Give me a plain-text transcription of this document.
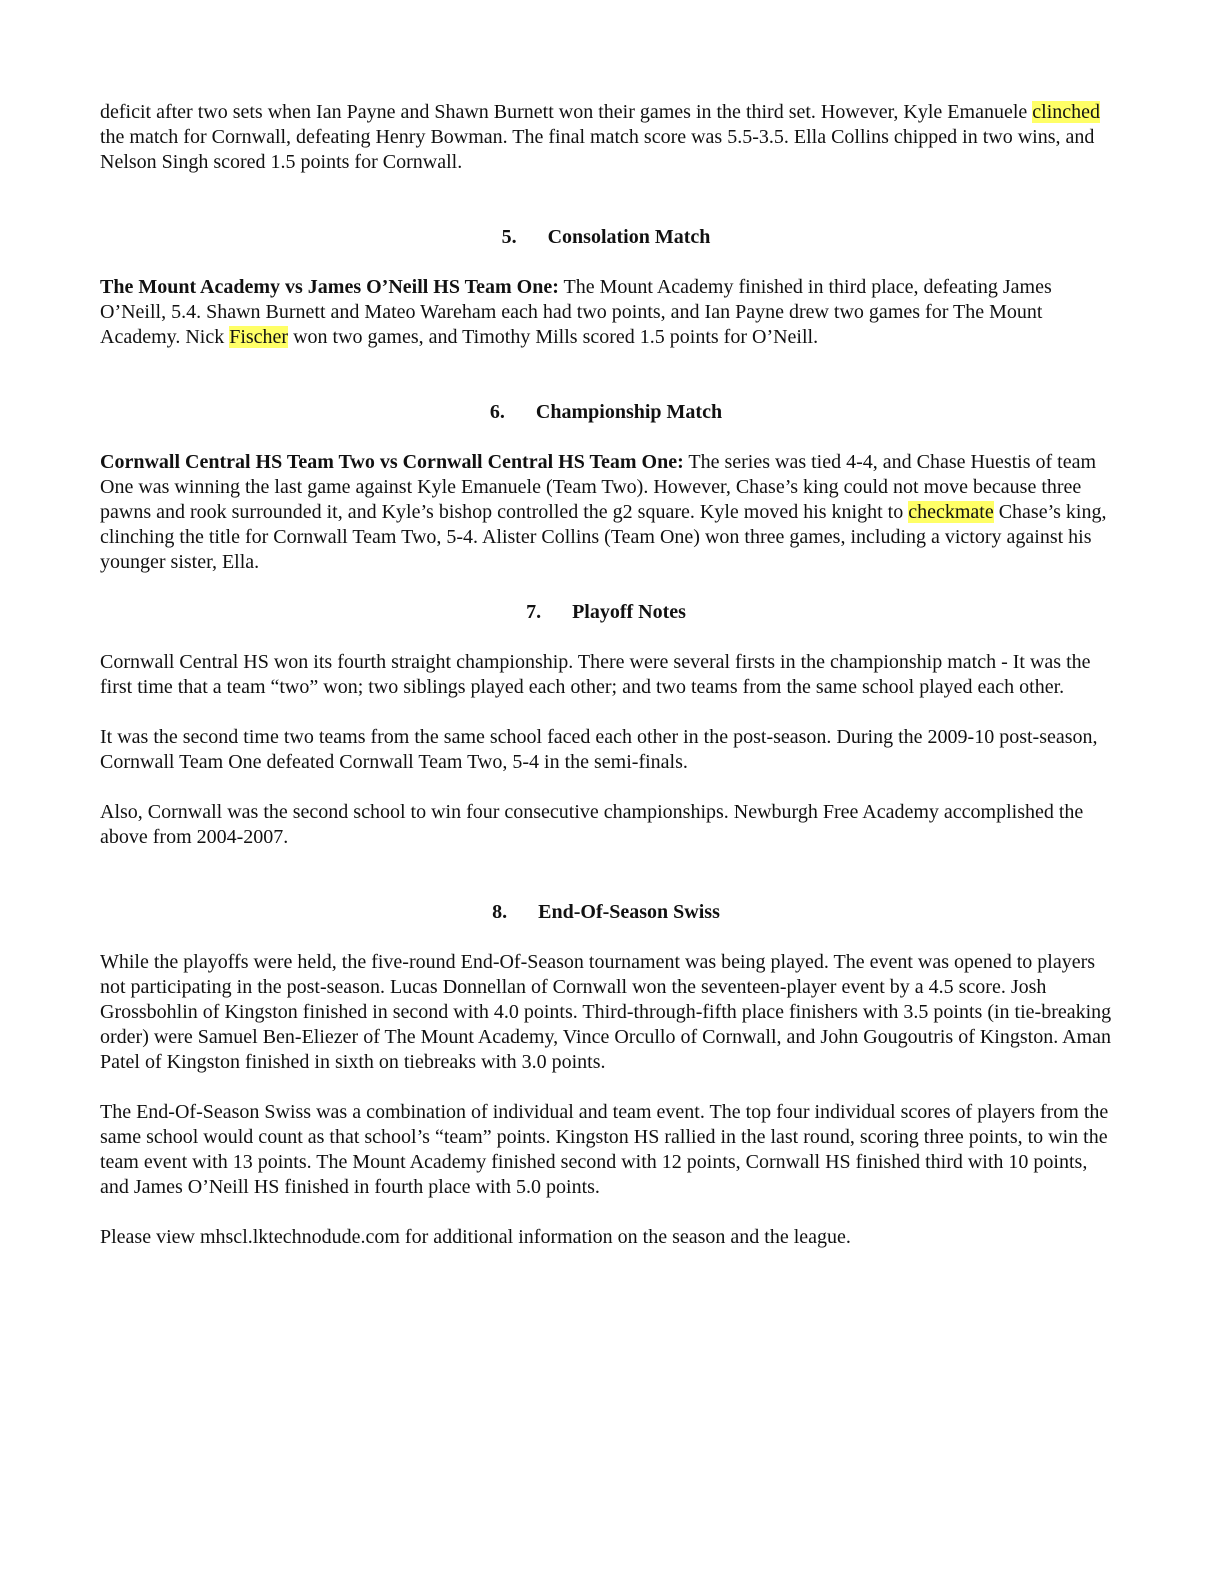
deficit after two sets when Ian Payne and Shawn Burnett won their games in the third set. However, Kyle Emanuele clinched the match for Cornwall, defeating Henry Bowman. The final match score was 5.5-3.5. Ella Collins chipped in two wins, and Nelson Singh scored 1.5 points for Cornwall.

5. Consolation Match

The Mount Academy vs James O’Neill HS Team One: The Mount Academy finished in third place, defeating James O’Neill, 5.4. Shawn Burnett and Mateo Wareham each had two points, and Ian Payne drew two games for The Mount Academy. Nick Fischer won two games, and Timothy Mills scored 1.5 points for O’Neill.

6. Championship Match

Cornwall Central HS Team Two vs Cornwall Central HS Team One: The series was tied 4-4, and Chase Huestis of team One was winning the last game against Kyle Emanuele (Team Two). However, Chase’s king could not move because three pawns and rook surrounded it, and Kyle’s bishop controlled the g2 square. Kyle moved his knight to checkmate Chase’s king, clinching the title for Cornwall Team Two, 5-4. Alister Collins (Team One) won three games, including a victory against his younger sister, Ella.

7. Playoff Notes

Cornwall Central HS won its fourth straight championship. There were several firsts in the championship match - It was the first time that a team “two” won; two siblings played each other; and two teams from the same school played each other.

It was the second time two teams from the same school faced each other in the post-season. During the 2009-10 post-season, Cornwall Team One defeated Cornwall Team Two, 5-4 in the semi-finals.

Also, Cornwall was the second school to win four consecutive championships. Newburgh Free Academy accomplished the above from 2004-2007.

8. End-Of-Season Swiss

While the playoffs were held, the five-round End-Of-Season tournament was being played. The event was opened to players not participating in the post-season. Lucas Donnellan of Cornwall won the seventeen-player event by a 4.5 score. Josh Grossbohlin of Kingston finished in second with 4.0 points. Third-through-fifth place finishers with 3.5 points (in tie-breaking order) were Samuel Ben-Eliezer of The Mount Academy, Vince Orcullo of Cornwall, and John Gougoutris of Kingston. Aman Patel of Kingston finished in sixth on tiebreaks with 3.0 points.

The End-Of-Season Swiss was a combination of individual and team event. The top four individual scores of players from the same school would count as that school’s “team” points. Kingston HS rallied in the last round, scoring three points, to win the team event with 13 points. The Mount Academy finished second with 12 points, Cornwall HS finished third with 10 points, and James O’Neill HS finished in fourth place with 5.0 points.

Please view mhscl.lktechnodude.com for additional information on the season and the league.
